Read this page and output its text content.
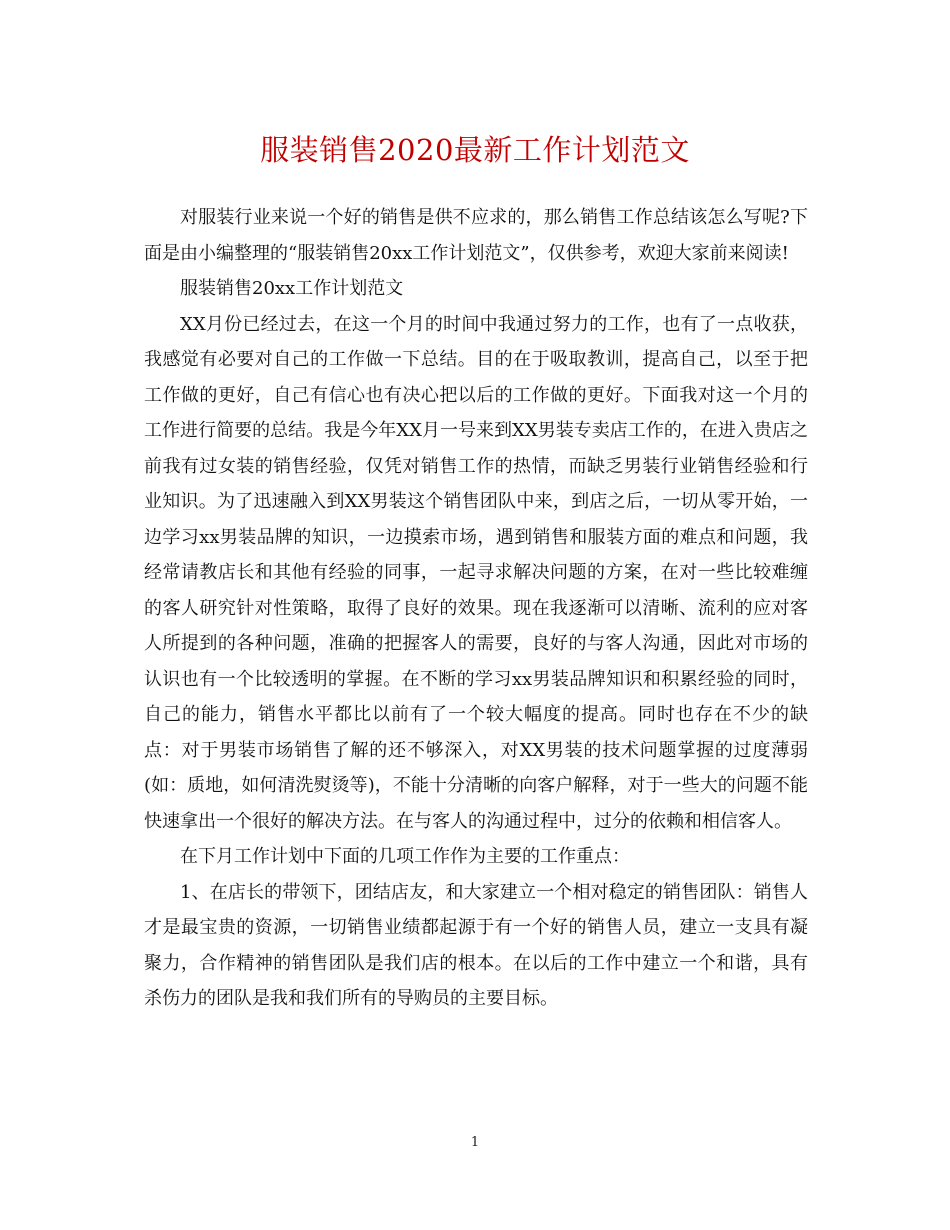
服装销售2020最新工作计划范文

对服装行业来说一个好的销售是供不应求的，那么销售工作总结该怎么写呢?下面是由小编整理的“服装销售20xx工作计划范文”，仅供参考，欢迎大家前来阅读!

服装销售20xx工作计划范文

XX月份已经过去，在这一个月的时间中我通过努力的工作，也有了一点收获，我感觉有必要对自己的工作做一下总结。目的在于吸取教训，提高自己，以至于把工作做的更好，自己有信心也有决心把以后的工作做的更好。下面我对这一个月的工作进行简要的总结。我是今年XX月一号来到XX男装专卖店工作的，在进入贵店之前我有过女装的销售经验，仅凭对销售工作的热情，而缺乏男装行业销售经验和行业知识。为了迅速融入到XX男装这个销售团队中来，到店之后，一切从零开始，一边学习xx男装品牌的知识，一边摸索市场，遇到销售和服装方面的难点和问题，我经常请教店长和其他有经验的同事，一起寻求解决问题的方案，在对一些比较难缠的客人研究针对性策略，取得了良好的效果。现在我逐渐可以清晰、流利的应对客人所提到的各种问题，准确的把握客人的需要，良好的与客人沟通，因此对市场的认识也有一个比较透明的掌握。在不断的学习xx男装品牌知识和积累经验的同时，自己的能力，销售水平都比以前有了一个较大幅度的提高。同时也存在不少的缺点：对于男装市场销售了解的还不够深入，对XX男装的技术问题掌握的过度薄弱(如：质地，如何清洗熨烫等)，不能十分清晰的向客户解释，对于一些大的问题不能快速拿出一个很好的解决方法。在与客人的沟通过程中，过分的依赖和相信客人。

在下月工作计划中下面的几项工作作为主要的工作重点：

1、在店长的带领下，团结店友，和大家建立一个相对稳定的销售团队：销售人才是最宝贵的资源，一切销售业绩都起源于有一个好的销售人员，建立一支具有凝聚力，合作精神的销售团队是我们店的根本。在以后的工作中建立一个和谐，具有杀伤力的团队是我和我们所有的导购员的主要目标。

1
